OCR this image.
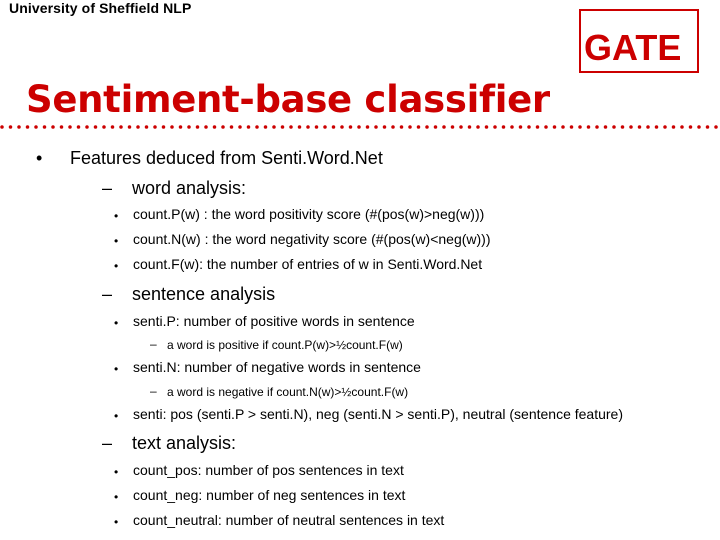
University of Sheffield NLP
GATE
Sentiment-base classifier
• Features deduced from Senti.Word.Net
– word analysis:
• count.P(w) : the word positivity score (#(pos(w)>neg(w)))
• count.N(w) : the word negativity score (#(pos(w)<neg(w)))
• count.F(w): the number of entries of w in Senti.Word.Net
– sentence analysis
• senti.P: number of positive words in sentence
– a word is positive if count.P(w)>½count.F(w)
• senti.N: number of negative words in sentence
– a word is negative if count.N(w)>½count.F(w)
• senti: pos (senti.P > senti.N), neg (senti.N > senti.P), neutral (sentence feature)
– text analysis:
• count_pos: number of pos sentences in text
• count_neg: number of neg sentences in text
• count_neutral: number of neutral sentences in text
